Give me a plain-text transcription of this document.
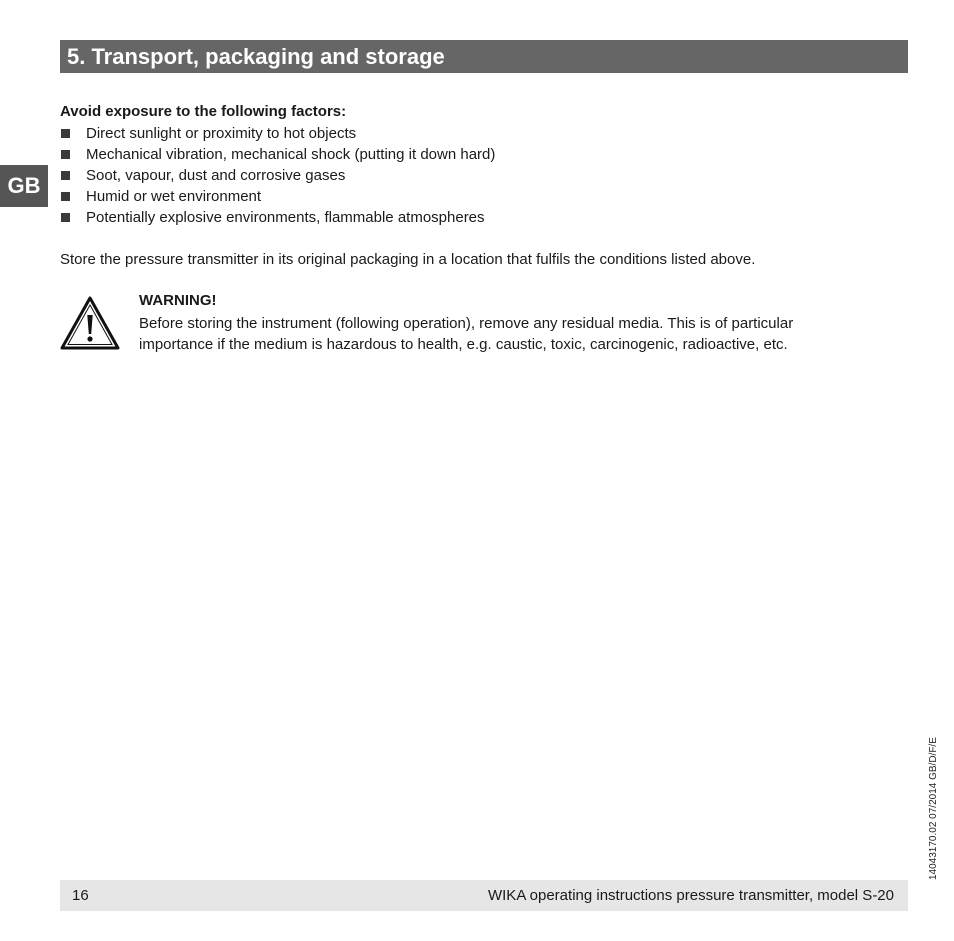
5. Transport, packaging and storage
GB
Avoid exposure to the following factors:
Direct sunlight or proximity to hot objects
Mechanical vibration, mechanical shock (putting it down hard)
Soot, vapour, dust and corrosive gases
Humid or wet environment
Potentially explosive environments, flammable atmospheres
Store the pressure transmitter in its original packaging in a location that fulfils the conditions listed above.
WARNING!
Before storing the instrument (following operation), remove any residual media. This is of particular importance if the medium is hazardous to health, e.g. caustic, toxic, carcinogenic, radioactive, etc.
14043170.02 07/2014 GB/D/F/E
16	WIKA operating instructions pressure transmitter, model S-20
